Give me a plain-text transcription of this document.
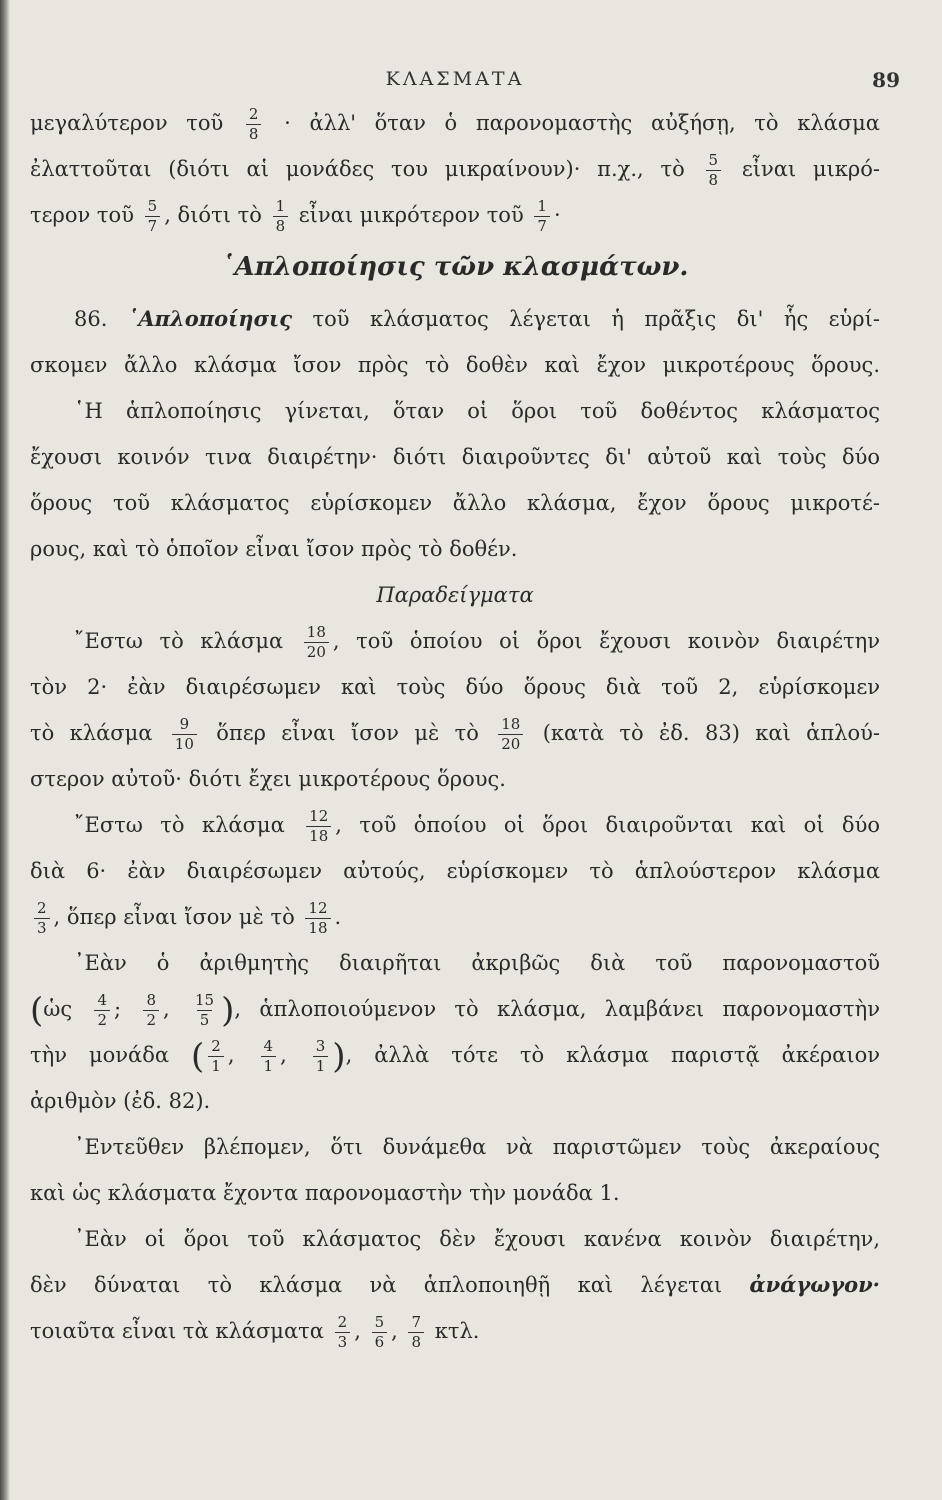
ΚΛΑΣΜΑΤΑ	89
μεγαλύτερον τοῦ $\frac{2}{8}$ · ἀλλ' ὅταν ὁ παρονομαστὴς αὐξήσῃ, τὸ κλάσμα
ἐλαττοῦται (διότι αἱ μονάδες του μικραίνουν)· π.χ., τὸ $\frac{5}{8}$ εἶναι μικρό-
τερον τοῦ $\frac{5}{7}$ , διότι τὸ $\frac{1}{8}$ εἶναι μικρότερον τοῦ $\frac{1}{7}$ ·
῾Απλοποίησις τῶν κλασμάτων.
86. ῾Απλοποίησις τοῦ κλάσματος λέγεται ἡ πρᾶξις δι' ἧς εὑρί-
σκομεν ἄλλο κλάσμα ἴσον πρὸς τὸ δοθὲν καὶ ἔχον μικροτέρους ὅρους.
῾Η ἁπλοποίησις γίνεται, ὅταν οἱ ὅροι τοῦ δοθέντος κλάσματος
ἔχουσι κοινόν τινα διαιρέτην· διότι διαιροῦντες δι' αὐτοῦ καὶ τοὺς δύο
ὅρους τοῦ κλάσματος εὑρίσκομεν ἄλλο κλάσμα, ἔχον ὅρους μικροτέ-
ρους, καὶ τὸ ὁποῖον εἶναι ἴσον πρὸς τὸ δοθέν.
Παραδείγματα
῎Εστω τὸ κλάσμα $\frac{18}{20}$ , τοῦ ὁποίου οἱ ὅροι ἔχουσι κοινὸν διαιρέτην
τὸν 2· ἐὰν διαιρέσωμεν καὶ τοὺς δύο ὅρους διὰ τοῦ 2, εὑρίσκομεν
τὸ κλάσμα $\frac{9}{10}$ ὅπερ εἶναι ἴσον μὲ τὸ $\frac{18}{20}$ (κατὰ τὸ ἐδ. 83) καὶ ἁπλού-
στερον αὐτοῦ· διότι ἔχει μικροτέρους ὅρους.
῎Εστω τὸ κλάσμα $\frac{12}{18}$ , τοῦ ὁποίου οἱ ὅροι διαιροῦνται καὶ οἱ δύο
διὰ 6· ἐὰν διαιρέσωμεν αὐτούς, εὑρίσκομεν τὸ ἁπλούστερον κλάσμα
$\frac{2}{3}$ , ὅπερ εἶναι ἴσον μὲ τὸ $\frac{12}{18}$ .
᾿Εὰν ὁ ἀριθμητὴς διαιρῆται ἀκριβῶς διὰ τοῦ παρονομαστοῦ
(ὡς $\frac{4}{2}$ ; $\frac{8}{2}$ , $\frac{15}{5}$ ), ἁπλοποιούμενον τὸ κλάσμα, λαμβάνει παρονομαστὴν
τὴν μονάδα ( $\frac{2}{1}$ , $\frac{4}{1}$ , $\frac{3}{1}$ ), ἀλλὰ τότε τὸ κλάσμα παριστᾷ ἀκέραιον
ἀριθμὸν (ἐδ. 82).
᾿Εντεῦθεν βλέπομεν, ὅτι δυνάμεθα νὰ παριστῶμεν τοὺς ἀκεραίους
καὶ ὡς κλάσματα ἔχοντα παρονομαστὴν τὴν μονάδα 1.
᾿Εὰν οἱ ὅροι τοῦ κλάσματος δὲν ἔχουσι κανένα κοινὸν διαιρέτην,
δὲν δύναται τὸ κλάσμα νὰ ἁπλοποιηθῇ καὶ λέγεται ἀνάγωγον·
τοιαῦτα εἶναι τὰ κλάσματα $\frac{2}{3}$ , $\frac{5}{6}$ , $\frac{7}{8} \kappa\tau\lambda$.
